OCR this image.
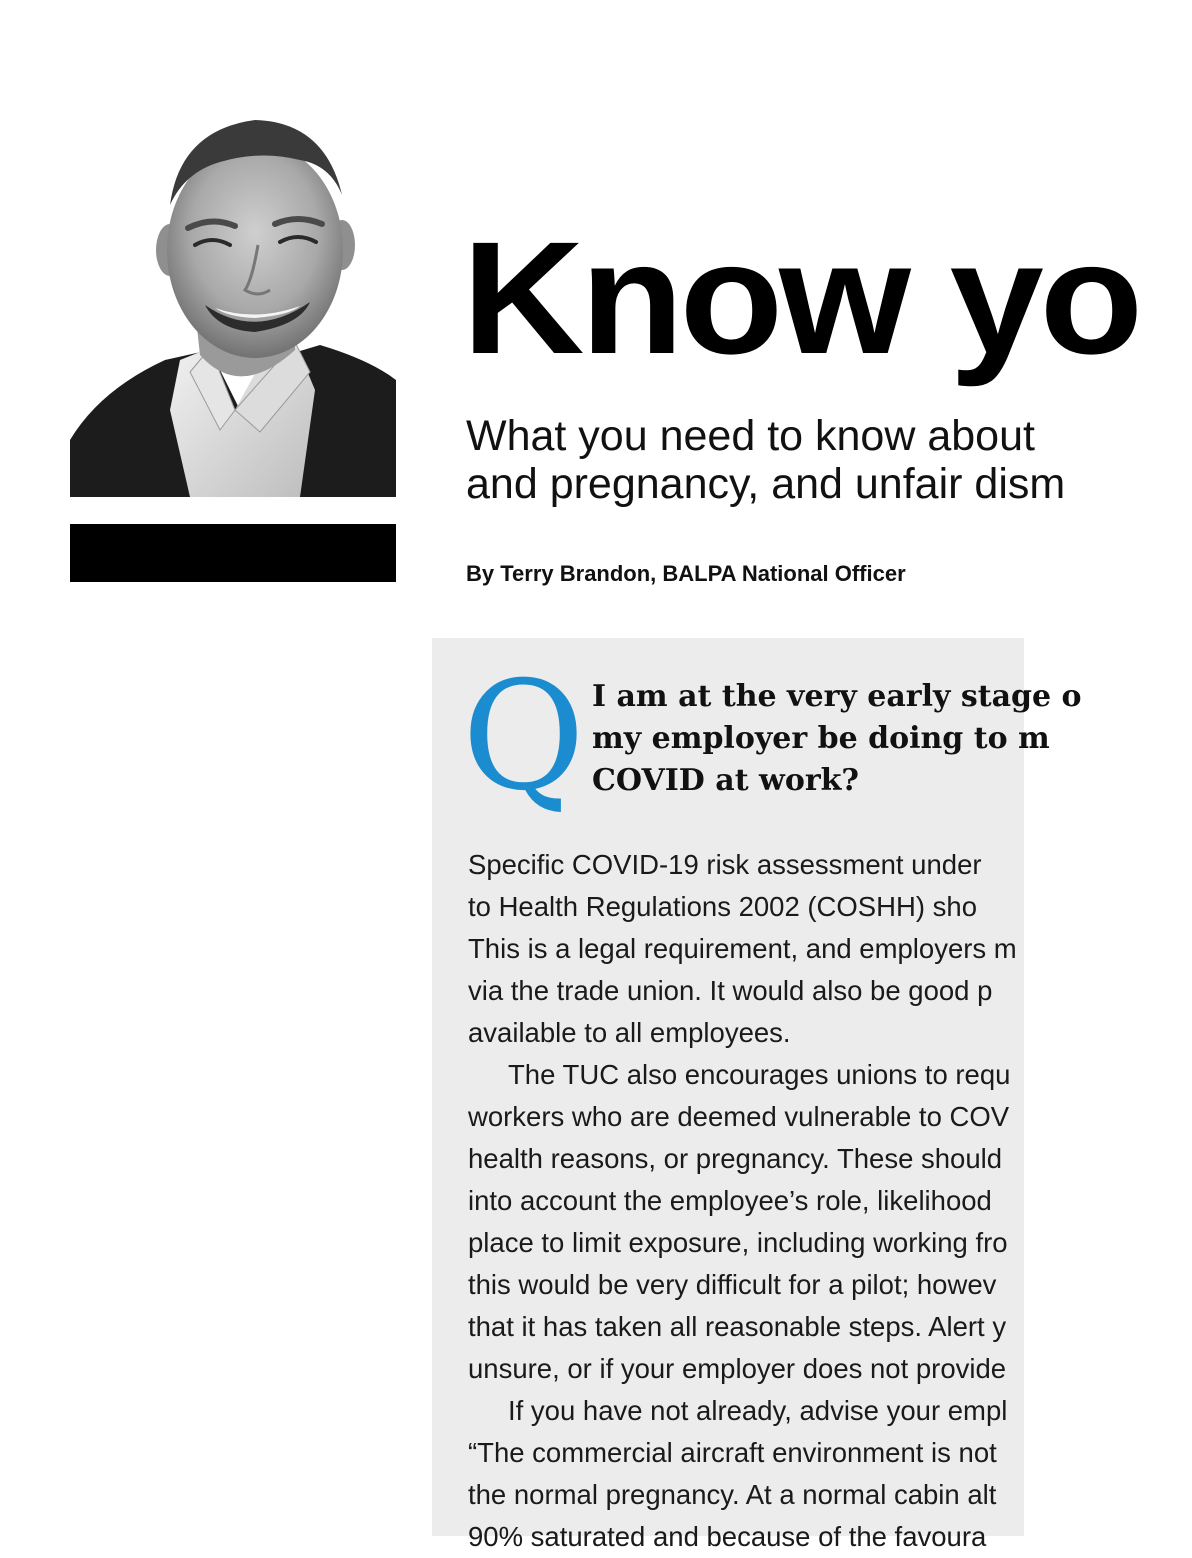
Know yo
What you need to know about
and pregnancy, and unfair dism
By Terry Brandon, BALPA National Officer
Q I am at the very early stage o
my employer be doing to m
COVID at work?
Specific COVID-19 risk assessment under
to Health Regulations 2002 (COSHH) sho
This is a legal requirement, and employers m
via the trade union. It would also be good p
available to all employees.
The TUC also encourages unions to requ
workers who are deemed vulnerable to COV
health reasons, or pregnancy. These should
into account the employee’s role, likelihood
place to limit exposure, including working fro
this would be very difficult for a pilot; howev
that it has taken all reasonable steps. Alert y
unsure, or if your employer does not provide
If you have not already, advise your empl
“The commercial aircraft environment is not
the normal pregnancy. At a normal cabin alt
90% saturated and because of the favoura
